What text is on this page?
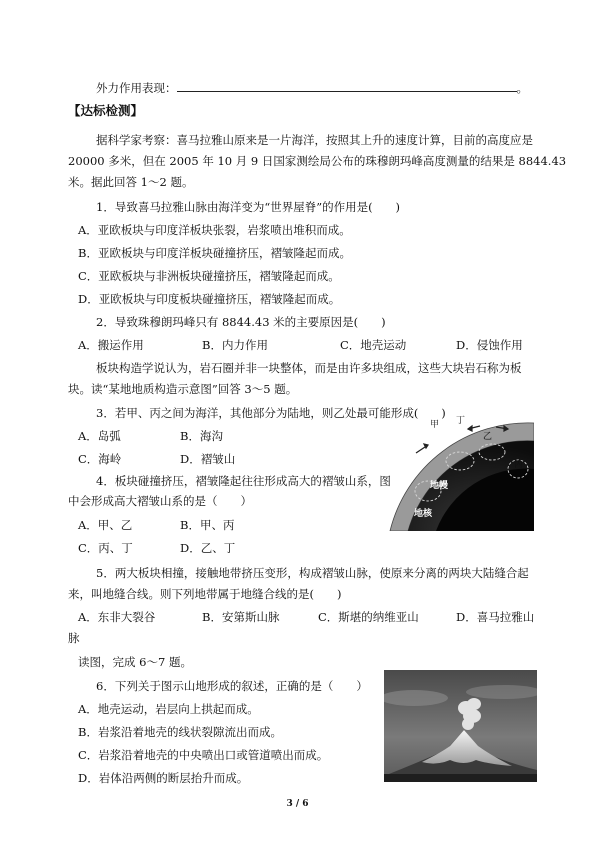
外力作用表现：	。
【达标检测】
据科学家考察：喜马拉雅山原来是一片海洋，按照其上升的速度计算，目前的高度应是
20000 多米，但在 2005 年 10 月 9 日国家测绘局公布的珠穆朗玛峰高度测量的结果是 8844.43
米。据此回答 1～2 题。
1．导致喜马拉雅山脉由海洋变为“世界屋脊”的作用是(　　)
A．亚欧板块与印度洋板块张裂，岩浆喷出堆积而成。
B．亚欧板块与印度洋板块碰撞挤压，褶皱隆起而成。
C．亚欧板块与非洲板块碰撞挤压，褶皱隆起而成。
D．亚欧板块与印度板块碰撞挤压，褶皱隆起而成。
2．导致珠穆朗玛峰只有 8844.43 米的主要原因是(　　)
A．搬运作用	B．内力作用	C．地壳运动	D．侵蚀作用
板块构造学说认为，岩石圈并非一块整体，而是由许多块组成，这些大块岩石称为板
块。读“某地地质构造示意图”回答 3～5 题。
3．若甲、丙之间为海洋，其他部分为陆地，则乙处最可能形成(　　)
A．岛弧	B．海沟
C．海岭	D．褶皱山
甲 丁
乙
丙
地幔
地核
4．板块碰撞挤压，褶皱隆起往往形成高大的褶皱山系，图
中会形成高大褶皱山系的是（　　）
A．甲、乙	B．甲、丙
C．丙、丁	D．乙、丁
5．两大板块相撞，接触地带挤压变形，构成褶皱山脉，使原来分离的两块大陆缝合起
来，叫地缝合线。则下列地带属于地缝合线的是(　　)
A．东非大裂谷	B．安第斯山脉	C．斯堪的纳维亚山	D．喜马拉雅山
脉
读图，完成 6～7 题。
6．下列关于图示山地形成的叙述，正确的是（　　）
A．地壳运动，岩层向上拱起而成。
B．岩浆沿着地壳的线状裂隙流出而成。
C．岩浆沿着地壳的中央喷出口或管道喷出而成。
D．岩体沿两侧的断层抬升而成。
3 / 6
